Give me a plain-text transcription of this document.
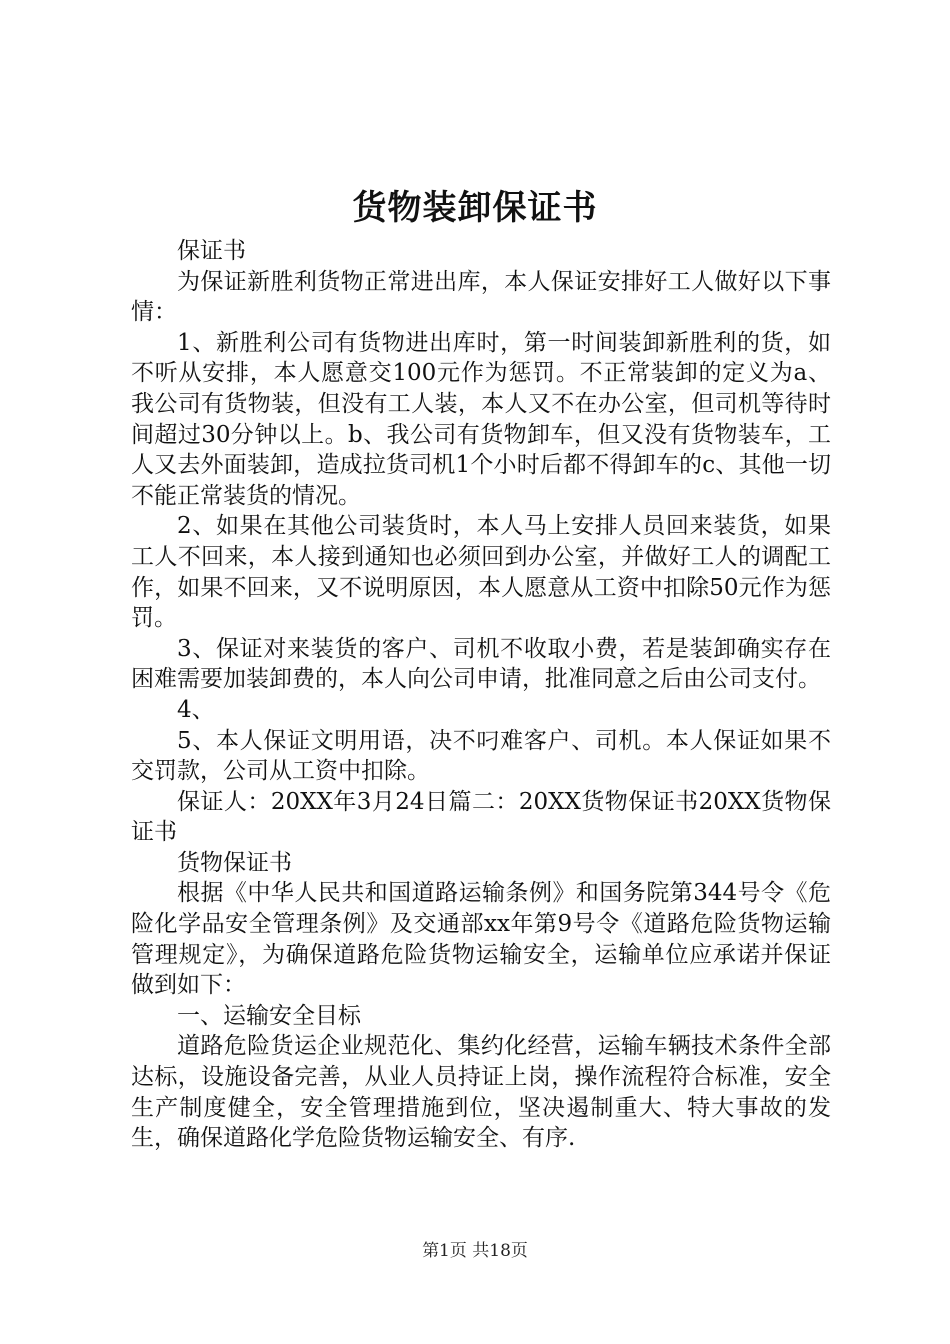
货物装卸保证书

保证书

为保证新胜利货物正常进出库，本人保证安排好工人做好以下事情：

1、新胜利公司有货物进出库时，第一时间装卸新胜利的货，如不听从安排，本人愿意交100元作为惩罚。不正常装卸的定义为a、我公司有货物装，但没有工人装，本人又不在办公室，但司机等待时间超过30分钟以上。b、我公司有货物卸车，但又没有货物装车，工人又去外面装卸，造成拉货司机1个小时后都不得卸车的c、其他一切不能正常装货的情况。

2、如果在其他公司装货时，本人马上安排人员回来装货，如果工人不回来，本人接到通知也必须回到办公室，并做好工人的调配工作，如果不回来，又不说明原因，本人愿意从工资中扣除50元作为惩罚。

3、保证对来装货的客户、司机不收取小费，若是装卸确实存在困难需要加装卸费的，本人向公司申请，批准同意之后由公司支付。

4、

5、本人保证文明用语，决不叼难客户、司机。本人保证如果不交罚款，公司从工资中扣除。

保证人：20XX年3月24日篇二：20XX货物保证书20XX货物保证书

货物保证书

根据《中华人民共和国道路运输条例》和国务院第344号令《危险化学品安全管理条例》及交通部xx年第9号令《道路危险货物运输管理规定》，为确保道路危险货物运输安全，运输单位应承诺并保证做到如下：

一、运输安全目标

道路危险货运企业规范化、集约化经营，运输车辆技术条件全部达标，设施设备完善，从业人员持证上岗，操作流程符合标准，安全生产制度健全，安全管理措施到位，坚决遏制重大、特大事故的发生，确保道路化学危险货物运输安全、有序.

第1页 共18页
